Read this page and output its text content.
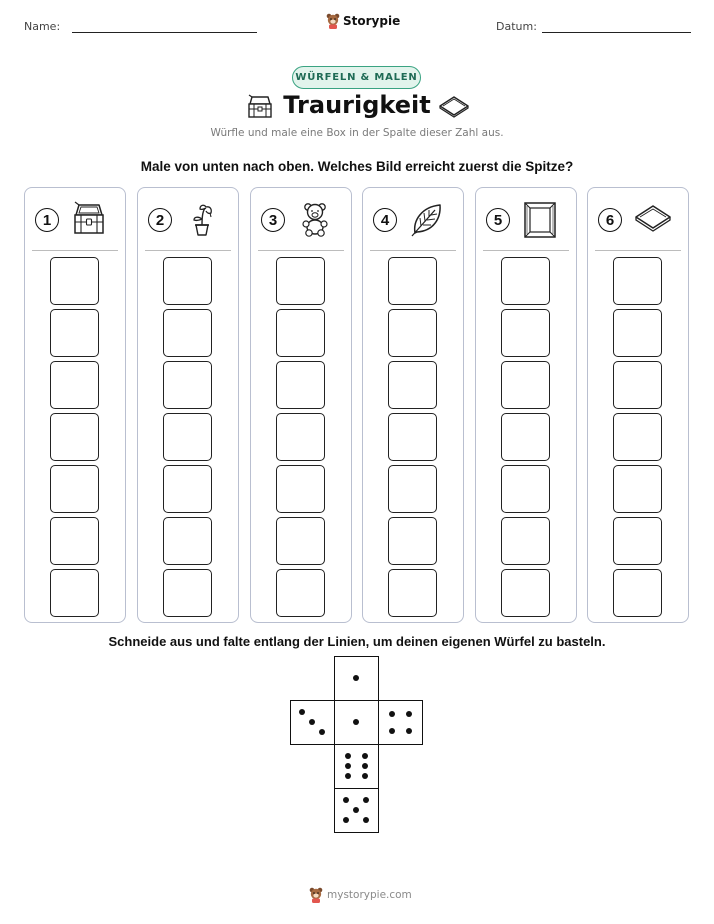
Name:	Storypie	Datum:
WÜRFELN & MALEN
Traurigkeit
Würfle und male eine Box in der Spalte dieser Zahl aus.
Male von unten nach oben. Welches Bild erreicht zuerst die Spitze?
1	2	3	4	5	6
Schneide aus und falte entlang der Linien, um deinen eigenen Würfel zu basteln.
mystorypie.com
